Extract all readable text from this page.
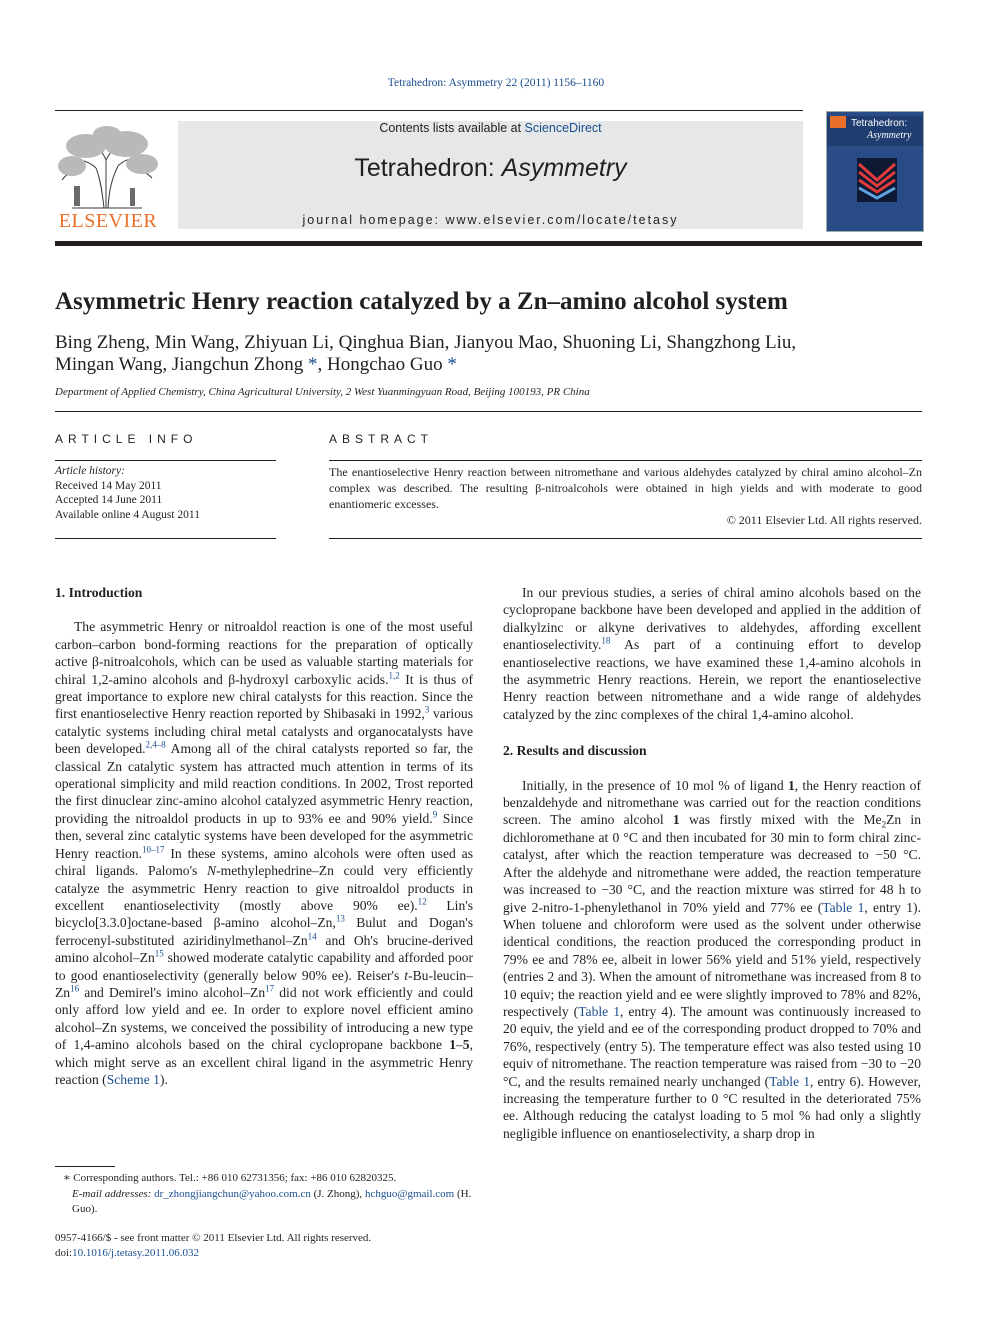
Tetrahedron: Asymmetry 22 (2011) 1156–1160
ELSEVIER
Contents lists available at ScienceDirect
Tetrahedron: Asymmetry
journal homepage: www.elsevier.com/locate/tetasy
Tetrahedron:
Asymmetry
Asymmetric Henry reaction catalyzed by a Zn–amino alcohol system
Bing Zheng, Min Wang, Zhiyuan Li, Qinghua Bian, Jianyou Mao, Shuoning Li, Shangzhong Liu,
Mingan Wang, Jiangchun Zhong *, Hongchao Guo *
Department of Applied Chemistry, China Agricultural University, 2 West Yuanmingyuan Road, Beijing 100193, PR China
ARTICLE INFO	ABSTRACT
Article history:
Received 14 May 2011
Accepted 14 June 2011
Available online 4 August 2011
The enantioselective Henry reaction between nitromethane and various aldehydes catalyzed by chiral amino alcohol–Zn complex was described. The resulting β-nitroalcohols were obtained in high yields and with moderate to good enantiomeric excesses.
© 2011 Elsevier Ltd. All rights reserved.
1. Introduction

The asymmetric Henry or nitroaldol reaction is one of the most useful carbon–carbon bond-forming reactions for the preparation of optically active β-nitroalcohols, which can be used as valuable starting materials for chiral 1,2-amino alcohols and β-hydroxyl carboxylic acids.$^{1,2}$ It is thus of great importance to explore new chiral catalysts for this reaction. Since the first enantioselective Henry reaction reported by Shibasaki in 1992,$^3$ various catalytic systems including chiral metal catalysts and organocatalysts have been developed.$^{2,4-8}$ Among all of the chiral catalysts reported so far, the classical Zn catalytic system has attracted much attention in terms of its operational simplicity and mild reaction conditions. In 2002, Trost reported the first dinuclear zinc-amino alcohol catalyzed asymmetric Henry reaction, providing the nitroaldol products in up to 93% ee and 90% yield.$^9$ Since then, several zinc catalytic systems have been developed for the asymmetric Henry reaction.$^{10-17}$ In these systems, amino alcohols were often used as chiral ligands. Palomo's N-methylephedrine–Zn could very efficiently catalyze the asymmetric Henry reaction to give nitroaldol products in excellent enantioselectivity (mostly above 90% ee).$^{12}$ Lin's bicyclo[3.3.0]octane-based β-amino alcohol–Zn,$^{13}$ Bulut and Dogan's ferrocenyl-substituted aziridinylmethanol–Zn$^{14}$ and Oh's brucine-derived amino alcohol–Zn$^{15}$ showed moderate catalytic capability and afforded poor to good enantioselectivity (generally below 90% ee). Reiser's t-Bu-leucin–Zn$^{16}$ and Demirel's imino alcohol–Zn$^{17}$ did not work efficiently and could only afford low yield and ee. In order to explore novel efficient amino alcohol–Zn systems, we conceived the possibility of introducing a new type of 1,4-amino alcohols based on the chiral cyclopropane backbone 1–5, which might serve as an excellent chiral ligand in the asymmetric Henry reaction (Scheme 1).

In our previous studies, a series of chiral amino alcohols based on the cyclopropane backbone have been developed and applied in the addition of dialkylzinc or alkyne derivatives to aldehydes, affording excellent enantioselectivity.$^{18}$ As part of a continuing effort to develop enantioselective reactions, we have examined these 1,4-amino alcohols in the asymmetric Henry reactions. Herein, we report the enantioselective Henry reaction between nitromethane and a wide range of aldehydes catalyzed by the zinc complexes of the chiral 1,4-amino alcohol.

2. Results and discussion

Initially, in the presence of 10 mol % of ligand 1, the Henry reaction of benzaldehyde and nitromethane was carried out for the reaction conditions screen. The amino alcohol 1 was firstly mixed with the $Me_2Zn$ in dichloromethane at 0 °C and then incubated for 30 min to form chiral zinc-catalyst, after which the reaction temperature was decreased to −50 °C. After the aldehyde and nitromethane were added, the reaction temperature was increased to −30 °C, and the reaction mixture was stirred for 48 h to give 2-nitro-1-phenylethanol in 70% yield and 77% ee (Table 1, entry 1). When toluene and chloroform were used as the solvent under otherwise identical conditions, the reaction produced the corresponding product in 79% ee and 78% ee, albeit in lower 56% yield and 51% yield, respectively (entries 2 and 3). When the amount of nitromethane was increased from 8 to 10 equiv; the reaction yield and ee were slightly improved to 78% and 82%, respectively (Table 1, entry 4). The amount was continuously increased to 20 equiv, the yield and ee of the corresponding product dropped to 70% and 76%, respectively (entry 5). The temperature effect was also tested using 10 equiv of nitromethane. The reaction temperature was raised from −30 to −20 °C, and the results remained nearly unchanged (Table 1, entry 6). However, increasing the temperature further to 0 °C resulted in the deteriorated 75% ee. Although reducing the catalyst loading to 5 mol % had only a slightly negligible influence on enantioselectivity, a sharp drop in

∗ Corresponding authors. Tel.: +86 010 62731356; fax: +86 010 62820325.
E-mail addresses: dr_zhongjiangchun@yahoo.com.cn (J. Zhong), hchguo@gmail.com (H. Guo).
0957-4166/$ - see front matter © 2011 Elsevier Ltd. All rights reserved.
doi:10.1016/j.tetasy.2011.06.032
